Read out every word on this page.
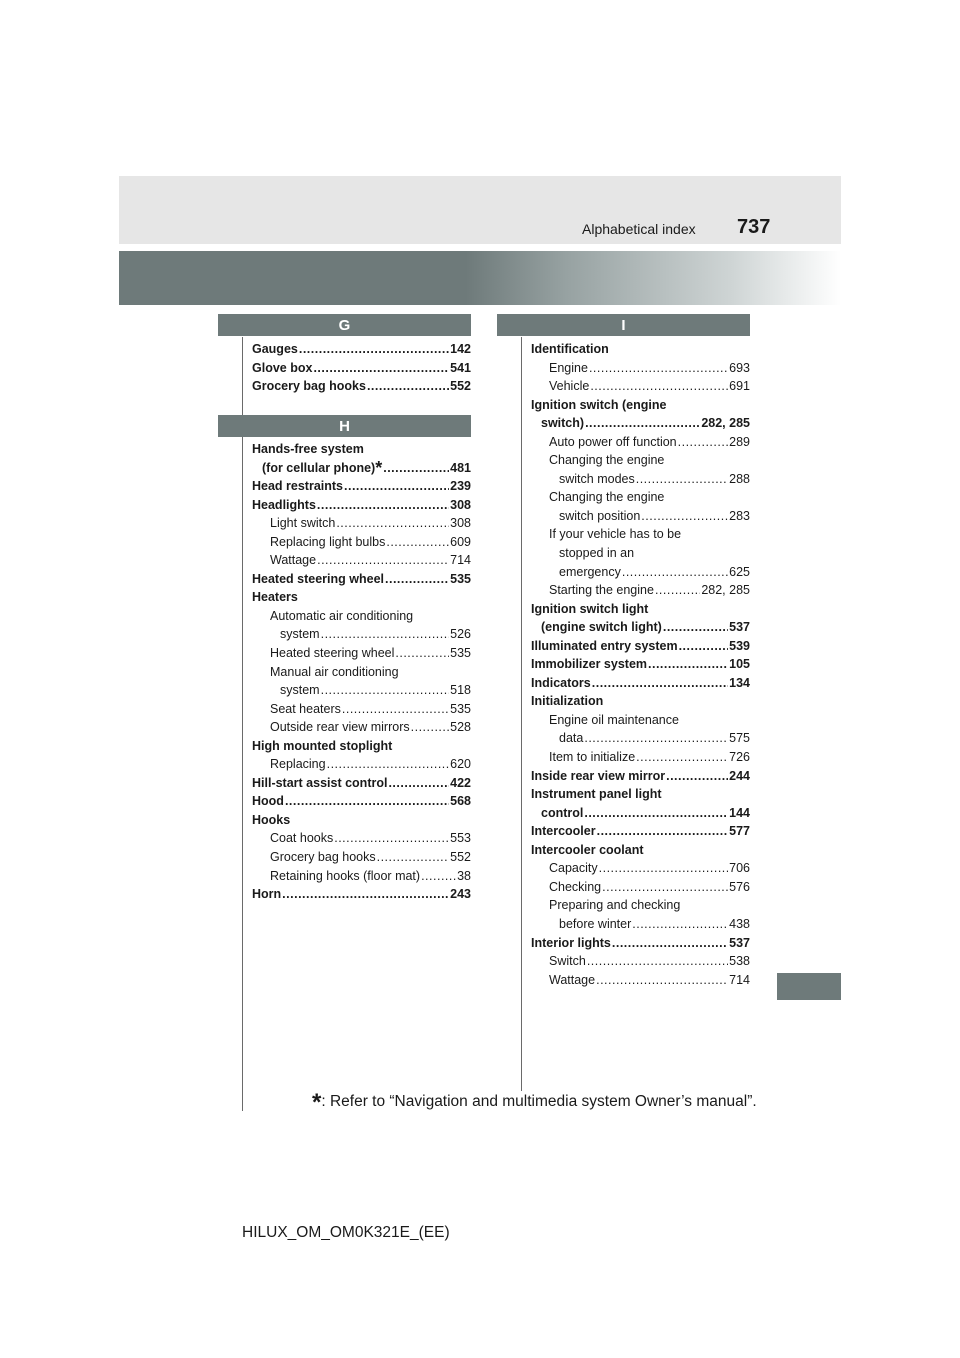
Alphabetical index 737
G
Gauges .....	142
Glove box .....	541
Grocery bag hooks .....	552
H
Hands-free system
(for cellular phone)* .....	481
Head restraints .....	239
Headlights .....	308
Light switch .....	308
Replacing light bulbs .....	609
Wattage .....	714
Heated steering wheel .....	535
Heaters
Automatic air conditioning
system .....	526
Heated steering wheel .....	535
Manual air conditioning
system .....	518
Seat heaters .....	535
Outside rear view mirrors .....	528
High mounted stoplight
Replacing .....	620
Hill-start assist control .....	422
Hood .....	568
Hooks
Coat hooks .....	553
Grocery bag hooks .....	552
Retaining hooks (floor mat) .....	38
Horn .....	243
I
Identification
Engine .....	693
Vehicle .....	691
Ignition switch (engine
switch) .....	282, 285
Auto power off function .....	289
Changing the engine
switch modes .....	288
Changing the engine
switch position .....	283
If your vehicle has to be
stopped in an
emergency .....	625
Starting the engine .....	282, 285
Ignition switch light
(engine switch light) .....	537
Illuminated entry system .....	539
Immobilizer system .....	105
Indicators .....	134
Initialization
Engine oil maintenance
data .....	575
Item to initialize .....	726
Inside rear view mirror .....	244
Instrument panel light
control .....	144
Intercooler .....	577
Intercooler coolant
Capacity .....	706
Checking .....	576
Preparing and checking
before winter .....	438
Interior lights .....	537
Switch .....	538
Wattage .....	714
*: Refer to “Navigation and multimedia system Owner’s manual”.
HILUX_OM_OM0K321E_(EE)
